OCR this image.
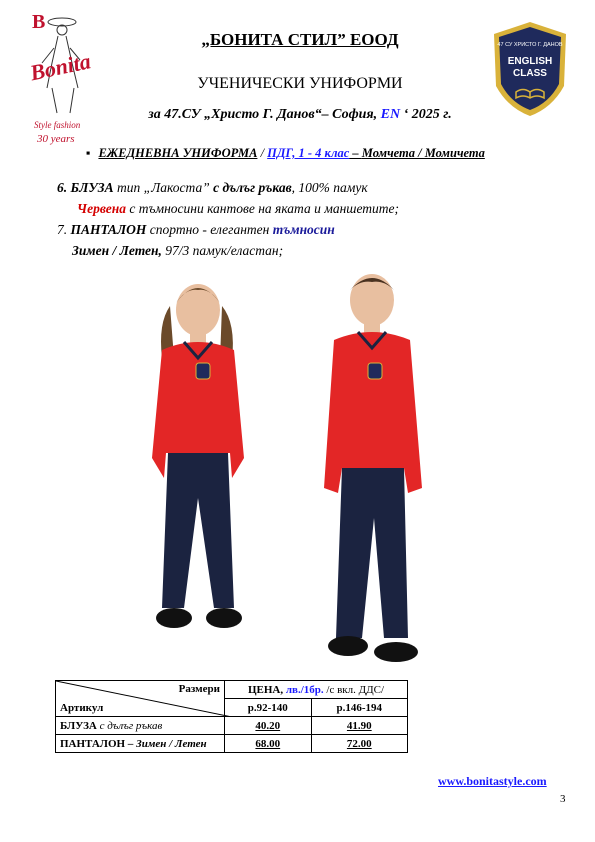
B
Bonita
Style fashion
30 years
„БОНИТА СТИЛ” ЕООД
УЧЕНИЧЕСКИ УНИФОРМИ
за 47.СУ „Христо Г. Данов“– София, EN ‘ 2025 г.
47 СУ ХРИСТО Г. ДАНОВ
ENGLISH
CLASS
▪ ЕЖЕДНЕВНА УНИФОРМА / ПДГ, 1 - 4 клас – Момчета / Момичета
6. БЛУЗА тип „Лакоста” с дълъг ръкав, 100% памук
Червена с тъмносини кантове на яката и маншетите;
7. ПАНТАЛОН спортно - елегантен тъмносин
Зимен / Летен, 97/3 памук/еластан;
Размери
Артикул	ЦЕНА, лв./1бр. /с вкл. ДДС/	
	р.92-140	р.146-194
БЛУЗА с дълъг ръкав	40.20	41.90
ПАНТАЛОН – Зимен / Летен	68.00	72.00
www.bonitastyle.com
3
